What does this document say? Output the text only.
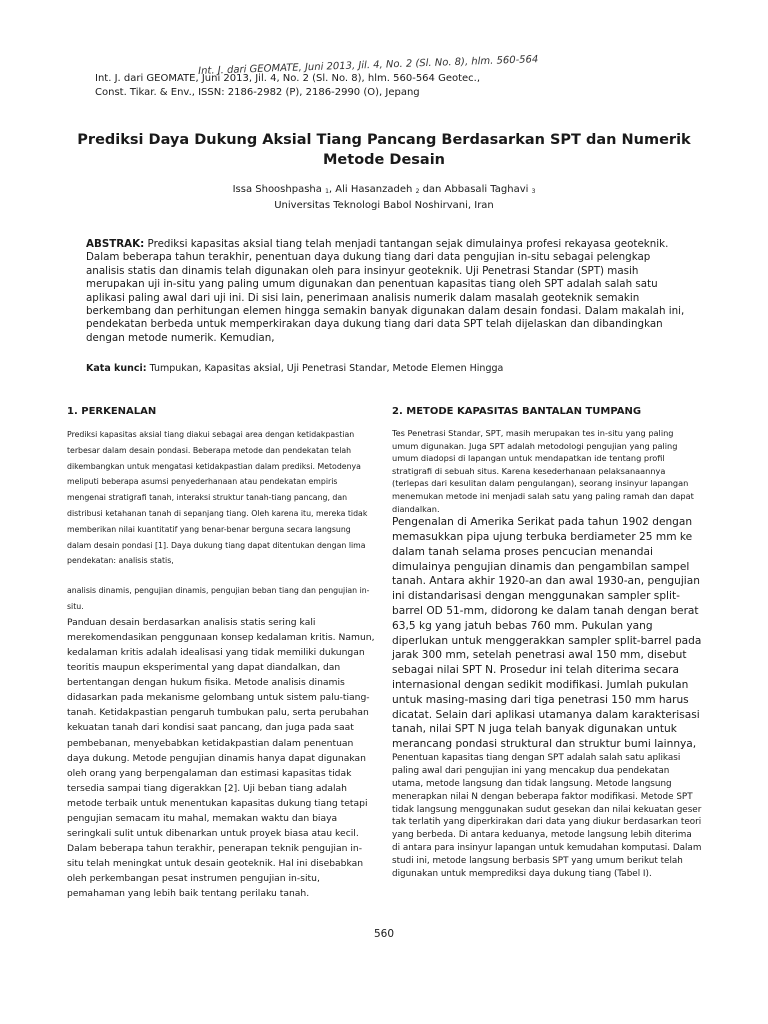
Int. J. dari GEOMATE, Juni 2013, Jil. 4, No. 2 (Sl. No. 8), hlm. 560-564
Int. J. dari GEOMATE, Juni 2013, Jil. 4, No. 2 (Sl. No. 8), hlm. 560-564 Geotec.,
Const. Tikar. & Env., ISSN: 2186-2982 (P), 2186-2990 (O), Jepang
Prediksi Daya Dukung Aksial Tiang Pancang Berdasarkan SPT dan Numerik Metode Desain
Issa Shooshpasha $_1$, Ali Hasanzadeh $_2$ dan Abbasali Taghavi $_3$
Universitas Teknologi Babol Noshirvani, Iran
ABSTRAK: Prediksi kapasitas aksial tiang telah menjadi tantangan sejak dimulainya profesi rekayasa geoteknik. Dalam beberapa tahun terakhir, penentuan daya dukung tiang dari data pengujian in-situ sebagai pelengkap analisis statis dan dinamis telah digunakan oleh para insinyur geoteknik. Uji Penetrasi Standar (SPT) masih merupakan uji in-situ yang paling umum digunakan dan penentuan kapasitas tiang oleh SPT adalah salah satu aplikasi paling awal dari uji ini. Di sisi lain, penerimaan analisis numerik dalam masalah geoteknik semakin berkembang dan perhitungan elemen hingga semakin banyak digunakan dalam desain fondasi. Dalam makalah ini, pendekatan berbeda untuk memperkirakan daya dukung tiang dari data SPT telah dijelaskan dan dibandingkan dengan metode numerik. Kemudian,
Kata kunci: Tumpukan, Kapasitas aksial, Uji Penetrasi Standar, Metode Elemen Hingga
1. PERKENALAN

Prediksi kapasitas aksial tiang diakui sebagai area dengan ketidakpastian terbesar dalam desain pondasi. Beberapa metode dan pendekatan telah dikembangkan untuk mengatasi ketidakpastian dalam prediksi. Metodenya meliputi beberapa asumsi penyederhanaan atau pendekatan empiris mengenai stratigrafi tanah, interaksi struktur tanah-tiang pancang, dan distribusi ketahanan tanah di sepanjang tiang. Oleh karena itu, mereka tidak memberikan nilai kuantitatif yang benar-benar berguna secara langsung dalam desain pondasi [1]. Daya dukung tiang dapat ditentukan dengan lima pendekatan: analisis statis,

analisis dinamis, pengujian dinamis, pengujian beban tiang dan pengujian in-situ.

Panduan desain berdasarkan analisis statis sering kali merekomendasikan penggunaan konsep kedalaman kritis. Namun, kedalaman kritis adalah idealisasi yang tidak memiliki dukungan teoritis maupun eksperimental yang dapat diandalkan, dan bertentangan dengan hukum fisika. Metode analisis dinamis didasarkan pada mekanisme gelombang untuk sistem palu-tiang-tanah. Ketidakpastian pengaruh tumbukan palu, serta perubahan kekuatan tanah dari kondisi saat pancang, dan juga pada saat pembebanan, menyebabkan ketidakpastian dalam penentuan daya dukung. Metode pengujian dinamis hanya dapat digunakan oleh orang yang berpengalaman dan estimasi kapasitas tidak tersedia sampai tiang digerakkan [2]. Uji beban tiang adalah metode terbaik untuk menentukan kapasitas dukung tiang tetapi pengujian semacam itu mahal, memakan waktu dan biaya seringkali sulit untuk dibenarkan untuk proyek biasa atau kecil. Dalam beberapa tahun terakhir, penerapan teknik pengujian in-situ telah meningkat untuk desain geoteknik. Hal ini disebabkan oleh perkembangan pesat instrumen pengujian in-situ, pemahaman yang lebih baik tentang perilaku tanah.

2. METODE KAPASITAS BANTALAN TUMPANG

Tes Penetrasi Standar, SPT, masih merupakan tes in-situ yang paling umum digunakan. Juga SPT adalah metodologi pengujian yang paling umum diadopsi di lapangan untuk mendapatkan ide tentang profil stratigrafi di sebuah situs. Karena kesederhanaan pelaksanaannya (terlepas dari kesulitan dalam pengulangan), seorang insinyur lapangan menemukan metode ini menjadi salah satu yang paling ramah dan dapat diandalkan.

Pengenalan di Amerika Serikat pada tahun 1902 dengan memasukkan pipa ujung terbuka berdiameter 25 mm ke dalam tanah selama proses pencucian menandai dimulainya pengujian dinamis dan pengambilan sampel tanah. Antara akhir 1920-an dan awal 1930-an, pengujian ini distandarisasi dengan menggunakan sampler split-barrel OD 51-mm, didorong ke dalam tanah dengan berat 63,5 kg yang jatuh bebas 760 mm. Pukulan yang diperlukan untuk menggerakkan sampler split-barrel pada jarak 300 mm, setelah penetrasi awal 150 mm, disebut sebagai nilai SPT N. Prosedur ini telah diterima secara internasional dengan sedikit modifikasi. Jumlah pukulan untuk masing-masing dari tiga penetrasi 150 mm harus dicatat. Selain dari aplikasi utamanya dalam karakterisasi tanah, nilai SPT N juga telah banyak digunakan untuk merancang pondasi struktural dan struktur bumi lainnya,

Penentuan kapasitas tiang dengan SPT adalah salah satu aplikasi paling awal dari pengujian ini yang mencakup dua pendekatan utama, metode langsung dan tidak langsung. Metode langsung menerapkan nilai N dengan beberapa faktor modifikasi. Metode SPT tidak langsung menggunakan sudut gesekan dan nilai kekuatan geser tak terlatih yang diperkirakan dari data yang diukur berdasarkan teori yang berbeda. Di antara keduanya, metode langsung lebih diterima di antara para insinyur lapangan untuk kemudahan komputasi. Dalam studi ini, metode langsung berbasis SPT yang umum berikut telah digunakan untuk memprediksi daya dukung tiang (Tabel I).

560
